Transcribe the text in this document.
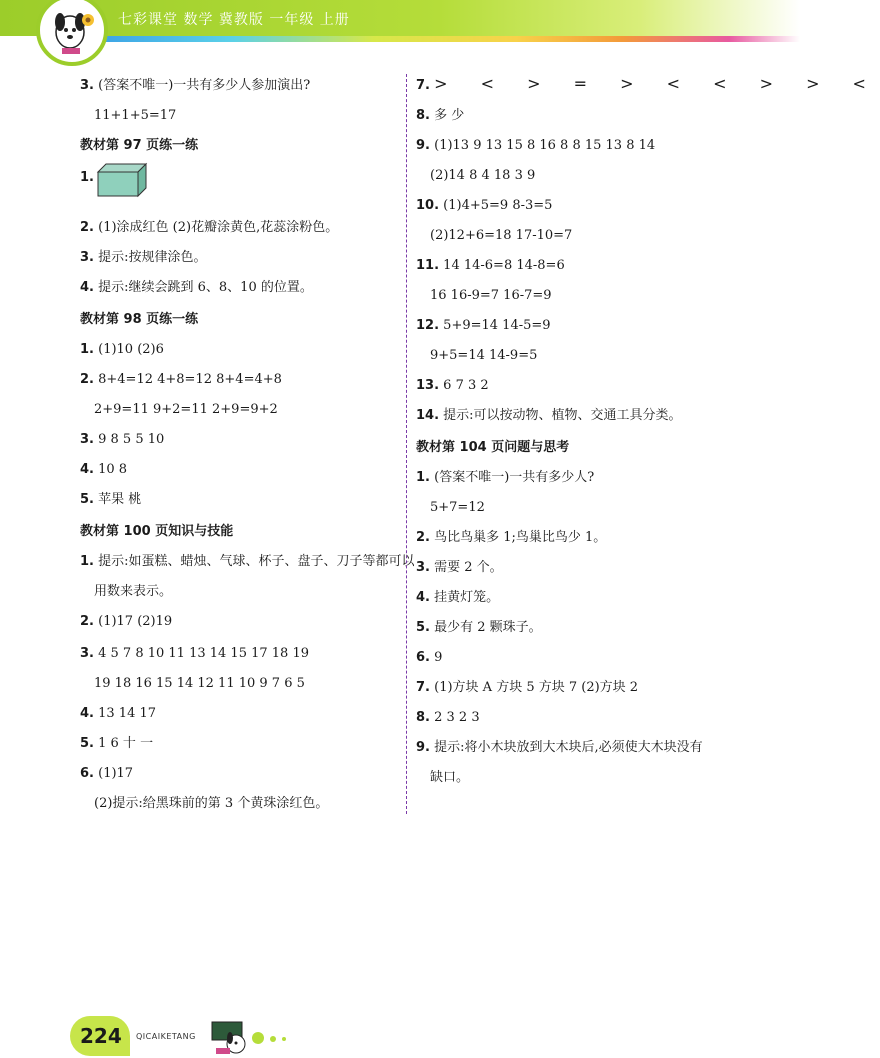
七彩课堂 数学 冀教版 一年级 上册
3. (答案不唯一)一共有多少人参加演出?
11+1+5=17
教材第 97 页练一练
1.
2. (1)涂成红色 (2)花瓣涂黄色,花蕊涂粉色。
3. 提示:按规律涂色。
4. 提示:继续会跳到 6、8、10 的位置。
教材第 98 页练一练
1. (1)10 (2)6
2. 8+4=12 4+8=12 8+4=4+8
2+9=11 9+2=11 2+9=9+2
3. 9 8 5 5 10
4. 10 8
5. 苹果 桃
教材第 100 页知识与技能
1. 提示:如蛋糕、蜡烛、气球、杯子、盘子、刀子等都可以
用数来表示。
2. (1)17 (2)19
3. 4 5 7 8 10 11 13 14 15 17 18 19
19 18 16 15 14 12 11 10 9 7 6 5
4. 13 14 17
5. 1 6 十 一
6. (1)17
(2)提示:给黑珠前的第 3 个黄珠涂红色。
7. > < > = > < < > > <
8. 多 少
9. (1)13 9 13 15 8 16 8 8 15 13 8 14
(2)14 8 4 18 3 9
10. (1)4+5=9 8-3=5
(2)12+6=18 17-10=7
11. 14 14-6=8 14-8=6
16 16-9=7 16-7=9
12. 5+9=14 14-5=9
9+5=14 14-9=5
13. 6 7 3 2
14. 提示:可以按动物、植物、交通工具分类。
教材第 104 页问题与思考
1. (答案不唯一)一共有多少人?
5+7=12
2. 鸟比鸟巢多 1;鸟巢比鸟少 1。
3. 需要 2 个。
4. 挂黄灯笼。
5. 最少有 2 颗珠子。
6. 9
7. (1)方块 A 方块 5 方块 7 (2)方块 2
8. 2 3 2 3
9. 提示:将小木块放到大木块后,必须使大木块没有
缺口。
224 QICAIKETANG
